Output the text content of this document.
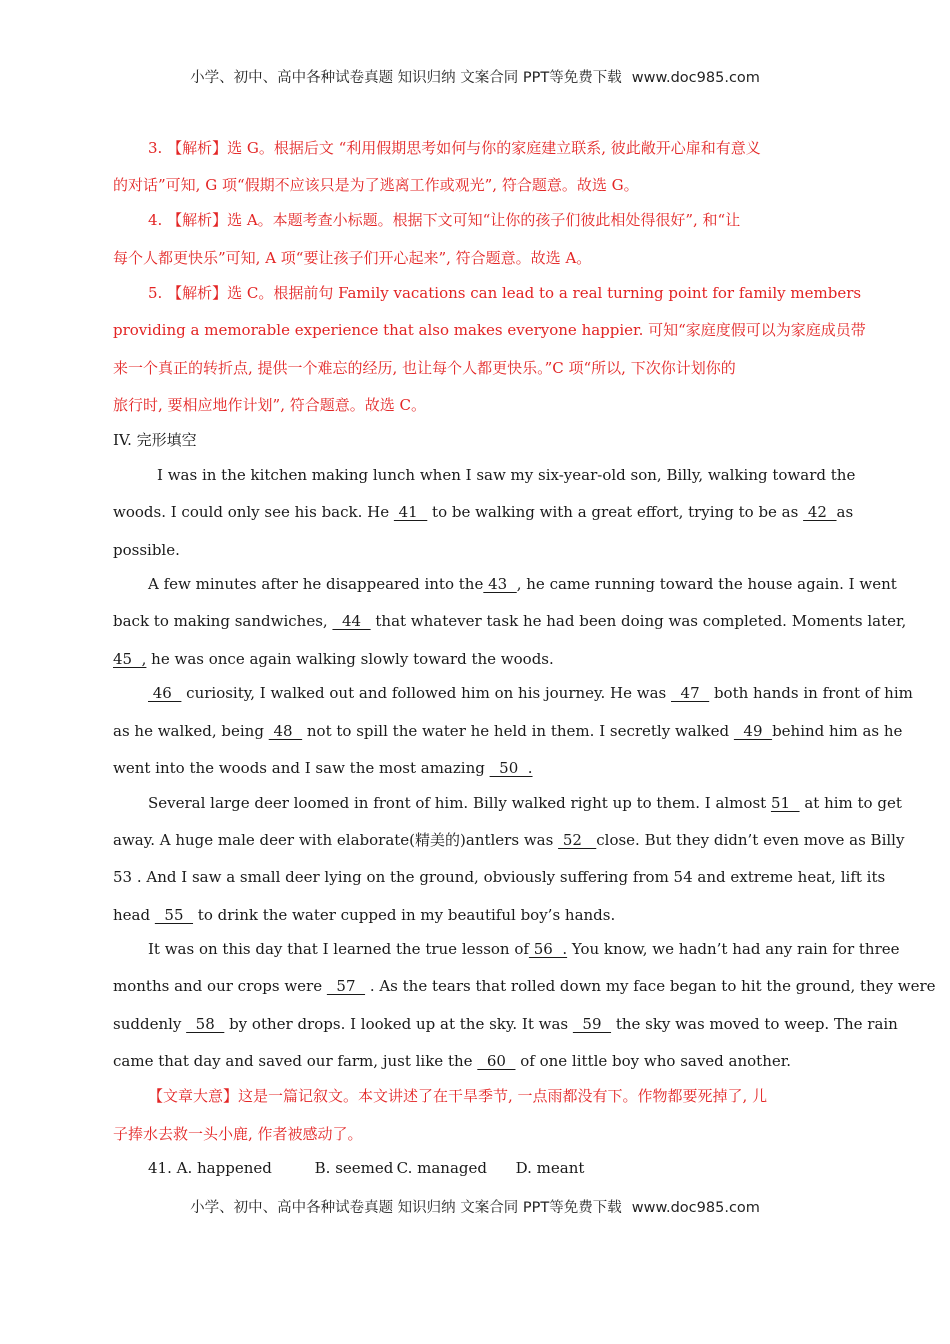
小学、初中、高中各种试卷真题 知识归纳 文案合同 PPT等免费下载 www.doc985.com
3. 【解析】选 G。根据后文 “利用假期思考如何与你的家庭建立联系, 彼此敞开心扉和有意义
的对话”可知, G 项“假期不应该只是为了逃离工作或观光”, 符合题意。故选 G。
4. 【解析】选 A。本题考查小标题。根据下文可知“让你的孩子们彼此相处得很好”, 和“让
每个人都更快乐”可知, A 项“要让孩子们开心起来”, 符合题意。故选 A。
5. 【解析】选 C。根据前句 Family vacations can lead to a real turning point for family members
providing a memorable experience that also makes everyone happier. 可知“家庭度假可以为家庭成员带
来一个真正的转折点, 提供一个难忘的经历, 也让每个人都更快乐。”C 项“所以, 下次你计划你的
旅行时, 要相应地作计划”, 符合题意。故选 C。
IV. 完形填空
I was in the kitchen making lunch when I saw my six-year-old son, Billy, walking toward the
woods. I could only see his back. He  41   to be walking with a great effort, trying to be as  42  as
possible.
A few minutes after he disappeared into the 43  , he came running toward the house again. I went
back to making sandwiches,   44   that whatever task he had been doing was completed. Moments later,
45  , he was once again walking slowly toward the woods.
46   curiosity, I walked out and followed him on his journey. He was   47   both hands in front of him
as he walked, being  48   not to spill the water he held in them. I secretly walked   49  behind him as he
went into the woods and I saw the most amazing   50  .
Several large deer loomed in front of him. Billy walked right up to them. I almost 51   at him to get
away. A huge male deer with elaborate(精美的)antlers was  52   close. But they didn’t even move as Billy
53 . And I saw a small deer lying on the ground, obviously suffering from 54 and extreme heat, lift its
head   55   to drink the water cupped in my beautiful boy’s hands.
It was on this day that I learned the true lesson of 56  . You know, we hadn’t had any rain for three
months and our crops were   57   . As the tears that rolled down my face began to hit the ground, they were
suddenly   58   by other drops. I looked up at the sky. It was   59   the sky was moved to weep. The rain
came that day and saved our farm, just like the   60   of one little boy who saved another.
【文章大意】这是一篇记叙文。本文讲述了在干旱季节, 一点雨都没有下。作物都要死掉了, 儿
子捧水去救一头小鹿, 作者被感动了。
41. A. happened	B. seemed C. managed D. meant
小学、初中、高中各种试卷真题 知识归纳 文案合同 PPT等免费下载 www.doc985.com
